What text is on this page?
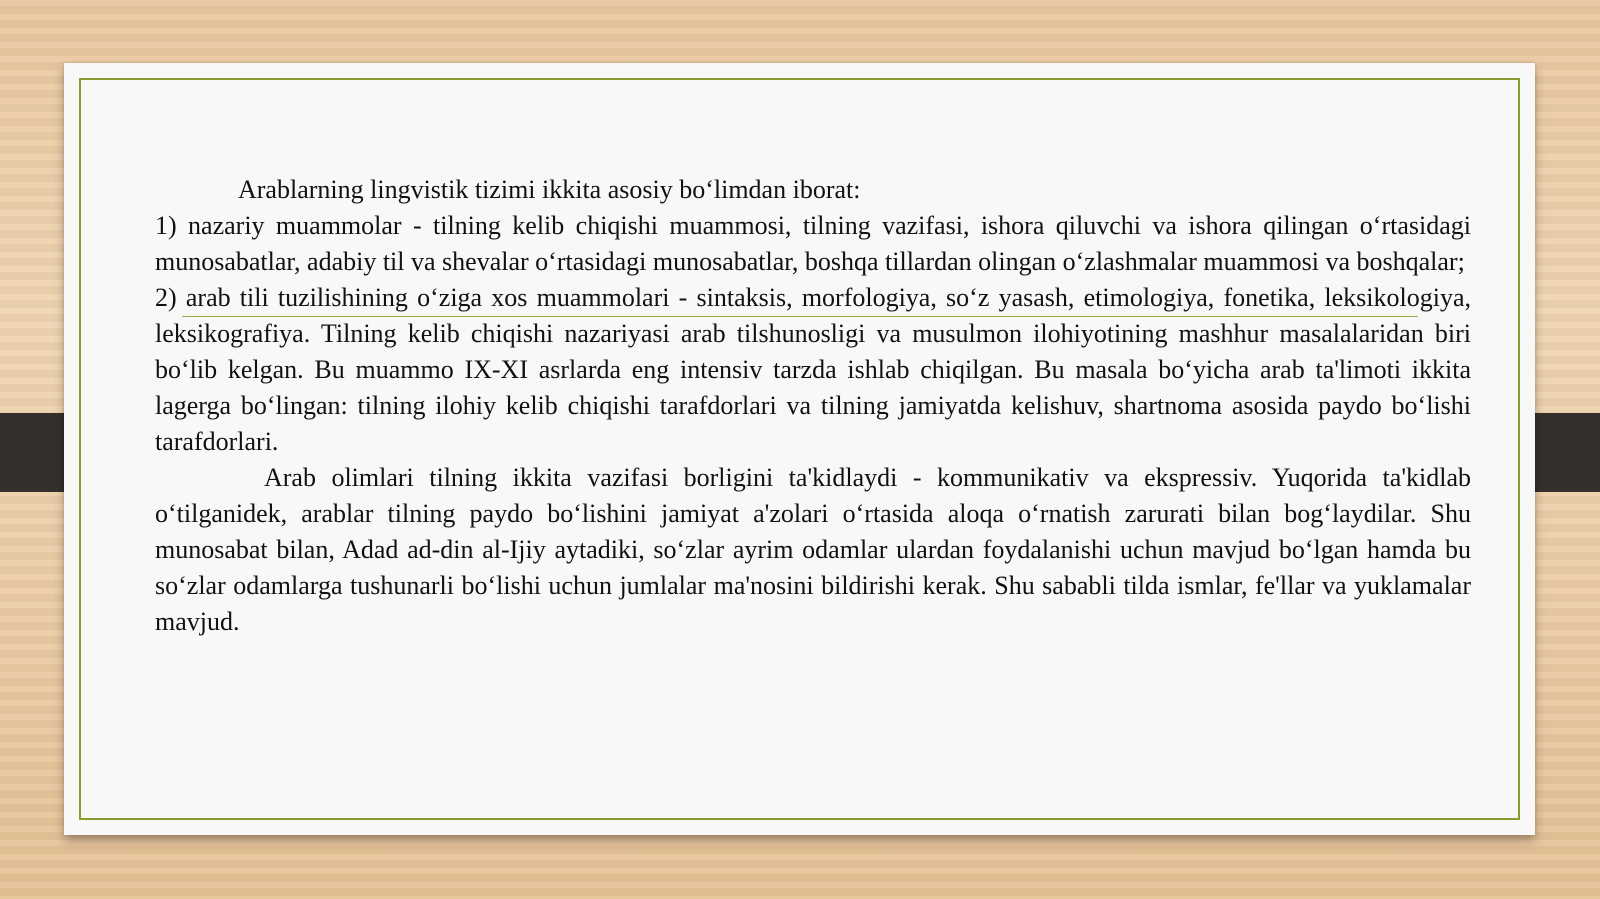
Arablarning lingvistik tizimi ikkita asosiy bo‘limdan iborat:

1) nazariy muammolar - tilning kelib chiqishi muammosi, tilning vazifasi, ishora qiluvchi va ishora qilingan o‘rtasidagi munosabatlar, adabiy til va shevalar o‘rtasidagi munosabatlar, boshqa tillardan olingan o‘zlashmalar muammosi va boshqalar;

2) arab tili tuzilishining o‘ziga xos muammolari - sintaksis, morfologiya, so‘z yasash, etimologiya, fonetika, leksikologiya, leksikografiya. Tilning kelib chiqishi nazariyasi arab tilshunosligi va musulmon ilohiyotining mashhur masalalaridan biri bo‘lib kelgan. Bu muammo IX-XI asrlarda eng intensiv tarzda ishlab chiqilgan. Bu masala bo‘yicha arab ta'limoti ikkita lagerga bo‘lingan: tilning ilohiy kelib chiqishi tarafdorlari va tilning jamiyatda kelishuv, shartnoma asosida paydo bo‘lishi tarafdorlari.

Arab olimlari tilning ikkita vazifasi borligini ta'kidlaydi - kommunikativ va ekspressiv. Yuqorida ta'kidlab o‘tilganidek, arablar tilning paydo bo‘lishini jamiyat a'zolari o‘rtasida aloqa o‘rnatish zarurati bilan bog‘laydilar. Shu munosabat bilan, Adad ad-din al-Ijiy aytadiki, so‘zlar ayrim odamlar ulardan foydalanishi uchun mavjud bo‘lgan hamda bu so‘zlar odamlarga tushunarli bo‘lishi uchun jumlalar ma'nosini bildirishi kerak. Shu sababli tilda ismlar, fe'llar va yuklamalar mavjud.
